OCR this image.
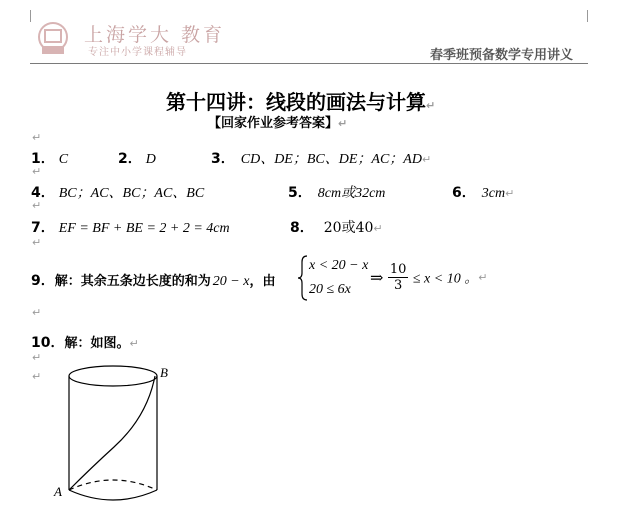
上海学大 教育
专注中小学课程辅导	春季班预备数学专用讲义
第十四讲：线段的画法与计算↵
【回家作业参考答案】↵
↵
↵
↵
↵
↵
↵
↵
1． C	2． D	3． CD、DE；BC、DE；AC；AD↵
4． BC；AC、BC；AC、BC	5． 8cm或32cm	6． 3cm↵
7． EF = BF + BE = 2 + 2 = 4cm	8． 20或40↵
9．解：其余五条边长度的和为 20 − x，由
x < 20 − x
20 ≤ 6x
⇒ $\frac{10}{3} \le x < 10$ 。↵
10．解：如图。↵
B
A
